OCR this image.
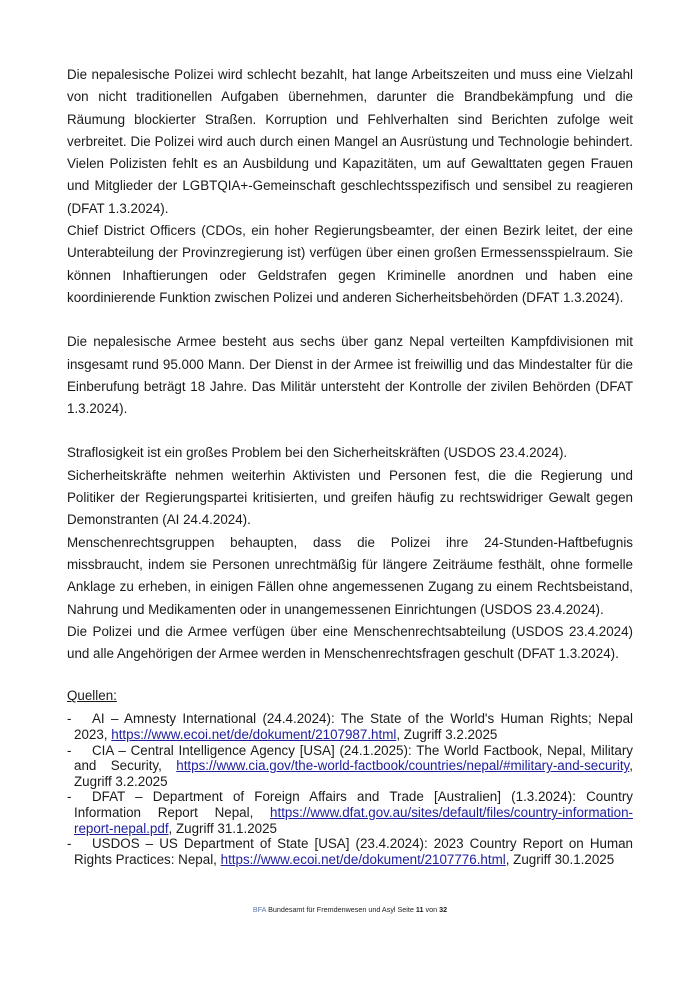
Die nepalesische Polizei wird schlecht bezahlt, hat lange Arbeitszeiten und muss eine Vielzahl von nicht traditionellen Aufgaben übernehmen, darunter die Brandbekämpfung und die Räumung blockierter Straßen. Korruption und Fehlverhalten sind Berichten zufolge weit verbreitet. Die Polizei wird auch durch einen Mangel an Ausrüstung und Technologie behindert. Vielen Polizisten fehlt es an Ausbildung und Kapazitäten, um auf Gewalttaten gegen Frauen und Mitglieder der LGBTQIA+-Gemeinschaft geschlechtsspezifisch und sensibel zu reagieren (DFAT 1.3.2024).

Chief District Officers (CDOs, ein hoher Regierungsbeamter, der einen Bezirk leitet, der eine Unterabteilung der Provinzregierung ist) verfügen über einen großen Ermessensspielraum. Sie können Inhaftierungen oder Geldstrafen gegen Kriminelle anordnen und haben eine koordinierende Funktion zwischen Polizei und anderen Sicherheitsbehörden (DFAT 1.3.2024).

Die nepalesische Armee besteht aus sechs über ganz Nepal verteilten Kampfdivisionen mit insgesamt rund 95.000 Mann. Der Dienst in der Armee ist freiwillig und das Mindestalter für die Einberufung beträgt 18 Jahre. Das Militär untersteht der Kontrolle der zivilen Behörden (DFAT 1.3.2024).

Straflosigkeit ist ein großes Problem bei den Sicherheitskräften (USDOS 23.4.2024).

Sicherheitskräfte nehmen weiterhin Aktivisten und Personen fest, die die Regierung und Politiker der Regierungspartei kritisierten, und greifen häufig zu rechtswidriger Gewalt gegen Demonstranten (AI 24.4.2024).

Menschenrechtsgruppen behaupten, dass die Polizei ihre 24-Stunden-Haftbefugnis missbraucht, indem sie Personen unrechtmäßig für längere Zeiträume festhält, ohne formelle Anklage zu erheben, in einigen Fällen ohne angemessenen Zugang zu einem Rechtsbeistand, Nahrung und Medikamenten oder in unangemessenen Einrichtungen (USDOS 23.4.2024).

Die Polizei und die Armee verfügen über eine Menschenrechtsabteilung (USDOS 23.4.2024) und alle Angehörigen der Armee werden in Menschenrechtsfragen geschult (DFAT 1.3.2024).

Quellen:

- AI – Amnesty International (24.4.2024): The State of the World's Human Rights; Nepal 2023, https://www.ecoi.net/de/dokument/2107987.html, Zugriff 3.2.2025
- CIA – Central Intelligence Agency [USA] (24.1.2025): The World Factbook, Nepal, Military and Security, https://www.cia.gov/the-world-factbook/countries/nepal/#military-and-security, Zugriff 3.2.2025
- DFAT – Department of Foreign Affairs and Trade [Australien] (1.3.2024): Country Information Report Nepal, https://www.dfat.gov.au/sites/default/files/country-information-report-nepal.pdf, Zugriff 31.1.2025
- USDOS – US Department of State [USA] (23.4.2024): 2023 Country Report on Human Rights Practices: Nepal, https://www.ecoi.net/de/dokument/2107776.html, Zugriff 30.1.2025
BFA Bundesamt für Fremdenwesen und Asyl Seite 11 von 32
